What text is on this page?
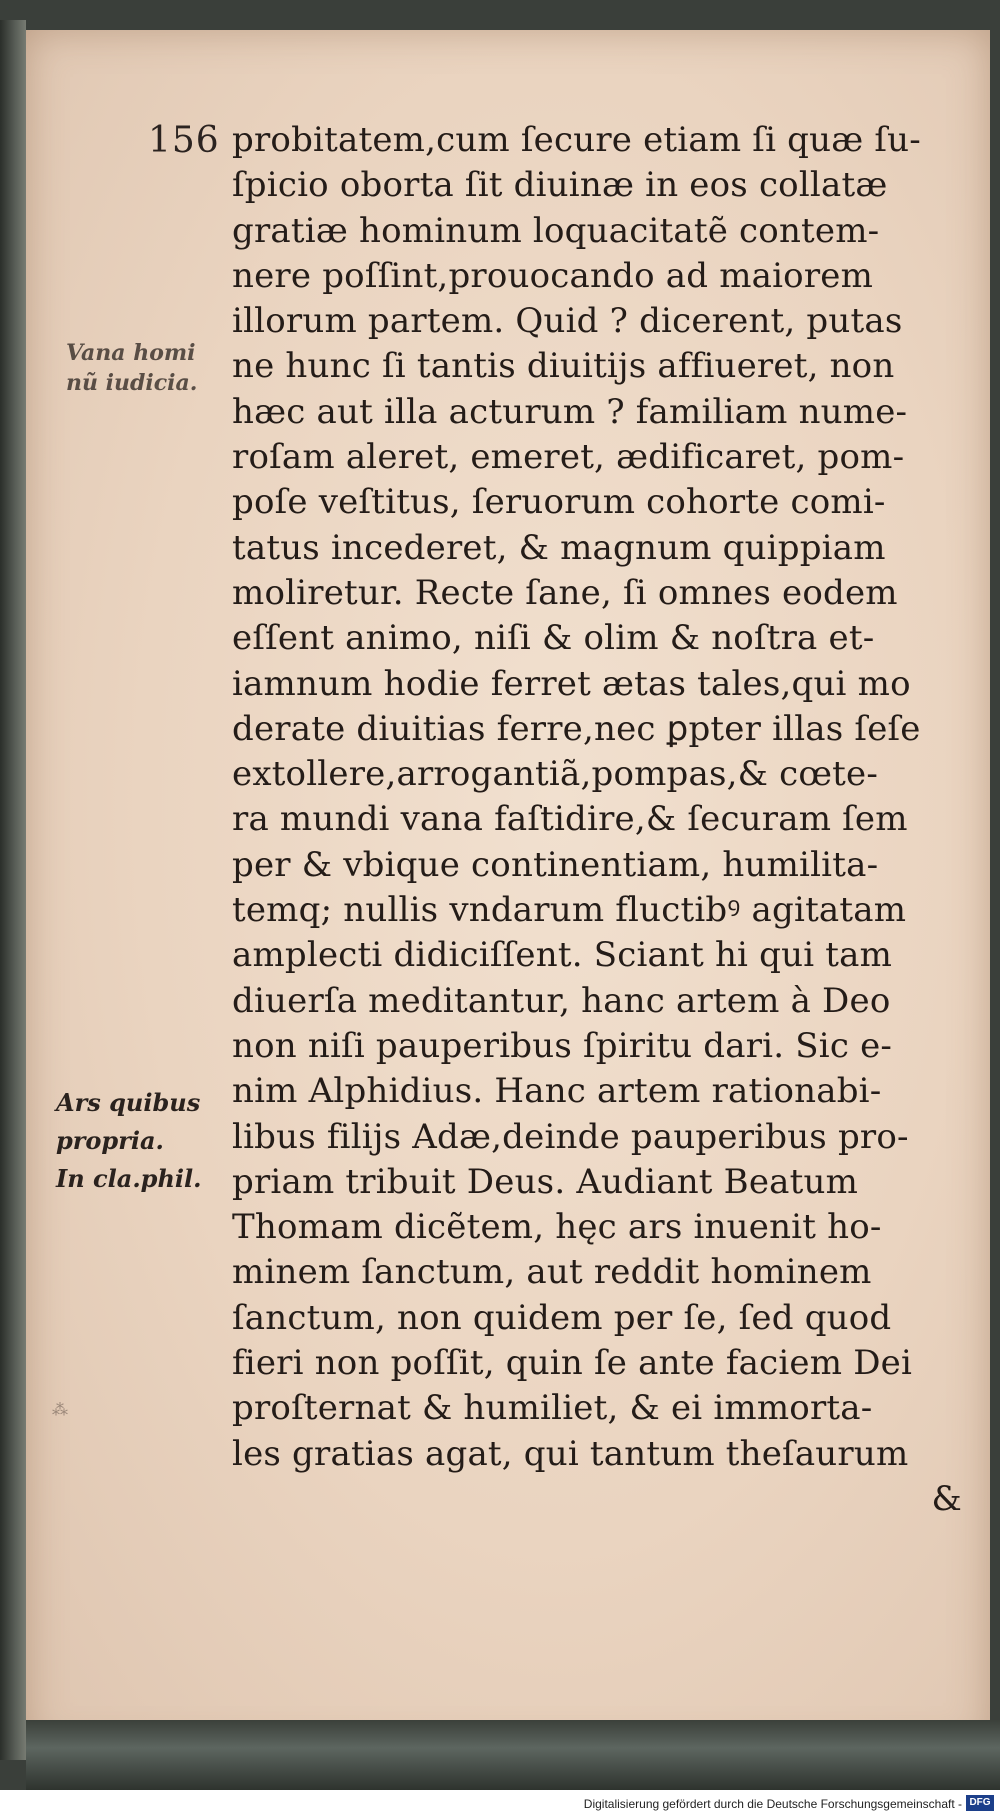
156 probitatem,cum ſecure etiam ſi quæ ſu-
ſpicio oborta ſit diuinæ in eos collatæ
gratiæ hominum loquacitatẽ contem-
nere poſſint,prouocando ad maiorem
illorum partem. Quid ? dicerent, putas
ne hunc ſi tantis diuitijs affiueret, non
hæc aut illa acturum ? familiam nume-
roſam aleret, emeret, ædificaret, pom-
poſe veſtitus, ſeruorum cohorte comi-
tatus incederet, & magnum quippiam
moliretur. Recte ſane, ſi omnes eodem
eſſent animo, niſi & olim & noſtra et-
iamnum hodie ferret ætas tales,qui mo
derate diuitias ferre,nec ꝑpter illas ſeſe
extollere,arrogantiã,pompas,& cœte-
ra mundi vana faſtidire,& ſecuram ſem
per & vbique continentiam, humilita-
temq; nullis vndarum fluctibꝰ agitatam
amplecti didiciſſent. Sciant hi qui tam
diuerſa meditantur, hanc artem à Deo
non niſi pauperibus ſpiritu dari. Sic e-
nim Alphidius. Hanc artem rationabi-
libus filijs Adæ,deinde pauperibus pro-
priam tribuit Deus. Audiant Beatum
Thomam dicẽtem, hęc ars inuenit ho-
minem ſanctum, aut reddit hominem
ſanctum, non quidem per ſe, ſed quod
fieri non poſſit, quin ſe ante faciem Dei
proſternat & humiliet, & ei immorta-
les gratias agat, qui tantum theſaurum
&
Vana homi
nũ iudicia.
Ars quibus
propria.
In cla.phil.
⁂
Digitalisierung gefördert durch die Deutsche Forschungsgemeinschaft - DFG
